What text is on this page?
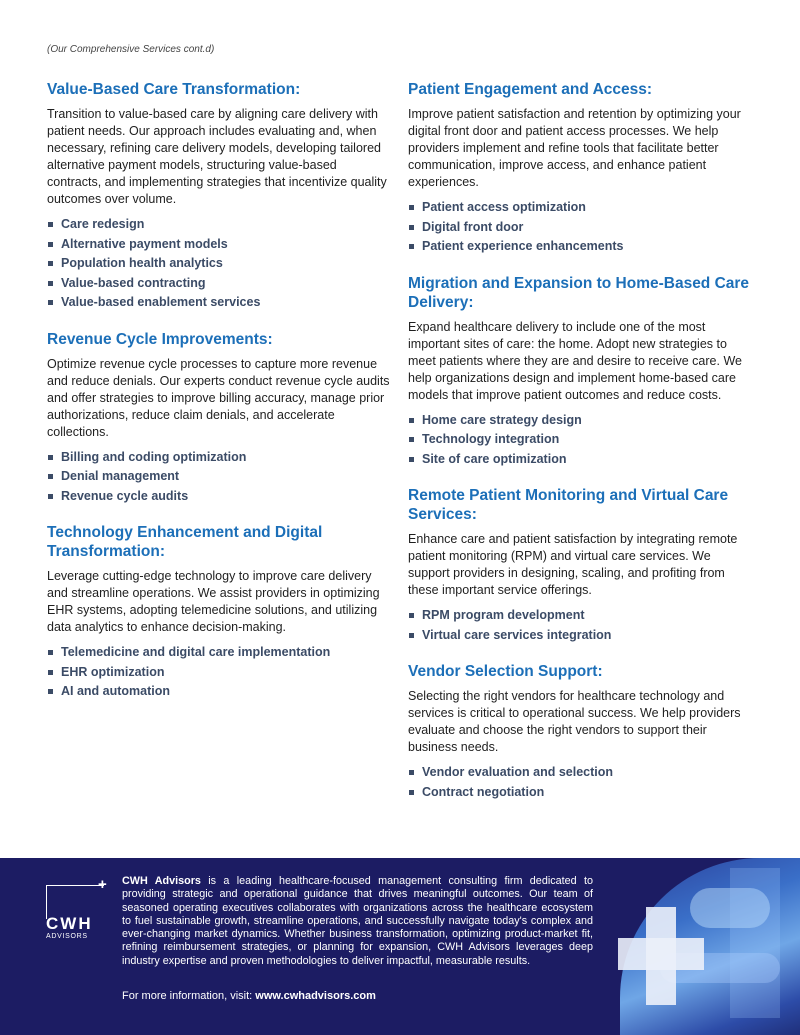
(Our Comprehensive Services cont.d)
Value-Based Care Transformation:

Transition to value-based care by aligning care delivery with patient needs. Our approach includes evaluating and, when necessary, refining care delivery models, developing tailored alternative payment models, structuring value-based contracts, and implementing strategies that incentivize quality outcomes over volume.

Care redesign
Alternative payment models
Population health analytics
Value-based contracting
Value-based enablement services
Revenue Cycle Improvements:

Optimize revenue cycle processes to capture more revenue and reduce denials. Our experts conduct revenue cycle audits and offer strategies to improve billing accuracy, manage prior authorizations, reduce claim denials, and accelerate collections.

Billing and coding optimization
Denial management
Revenue cycle audits
Technology Enhancement and Digital Transformation:

Leverage cutting-edge technology to improve care delivery and streamline operations. We assist providers in optimizing EHR systems, adopting telemedicine solutions, and utilizing data analytics to enhance decision-making.

Telemedicine and digital care implementation
EHR optimization
AI and automation
Patient Engagement and Access:

Improve patient satisfaction and retention by optimizing your digital front door and patient access processes. We help providers implement and refine tools that facilitate better communication, improve access, and enhance patient experiences.

Patient access optimization
Digital front door
Patient experience enhancements
Migration and Expansion to Home-Based Care Delivery:

Expand healthcare delivery to include one of the most important sites of care: the home. Adopt new strategies to meet patients where they are and desire to receive care. We help organizations design and implement home-based care models that improve patient outcomes and reduce costs.

Home care strategy design
Technology integration
Site of care optimization
Remote Patient Monitoring and Virtual Care Services:

Enhance care and patient satisfaction by integrating remote patient monitoring (RPM) and virtual care services. We support providers in designing, scaling, and profiting from these important service offerings.

RPM program development
Virtual care services integration
Vendor Selection Support:

Selecting the right vendors for healthcare technology and services is critical to operational success. We help providers evaluate and choose the right vendors to support their business needs.

Vendor evaluation and selection
Contract negotiation
+
CWH
ADVISORS
CWH Advisors is a leading healthcare-focused management consulting firm dedicated to providing strategic and operational guidance that drives meaningful outcomes. Our team of seasoned operating executives collaborates with organizations across the healthcare ecosystem to fuel sustainable growth, streamline operations, and successfully navigate today's complex and ever-changing market dynamics. Whether business transformation, optimizing product-market fit, refining reimbursement strategies, or planning for expansion, CWH Advisors leverages deep industry expertise and proven methodologies to deliver impactful, measurable results.
For more information, visit: www.cwhadvisors.com
